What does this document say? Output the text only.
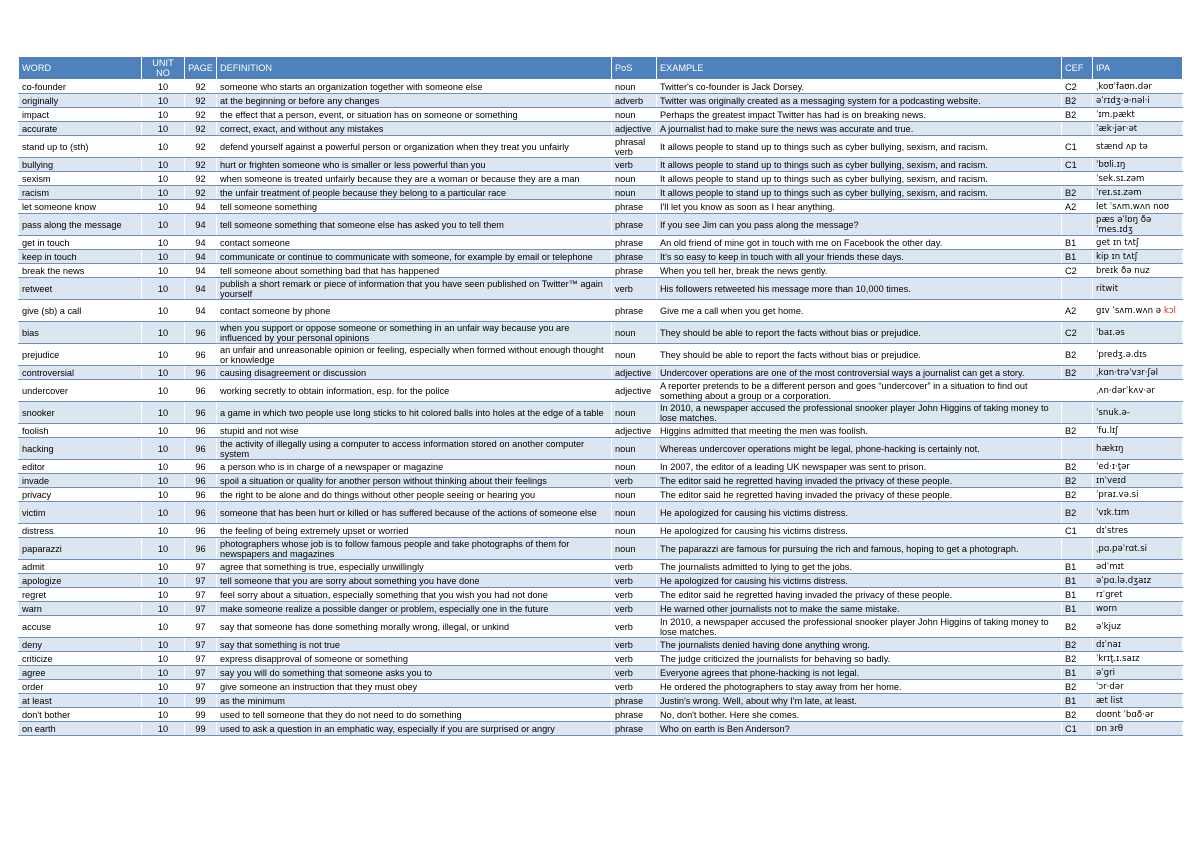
WORD	UNIT NO	PAGE	DEFINITION	PoS	EXAMPLE	CEF	IPA
co-founder	10	92	someone who starts an organization together with someone else	noun	Twitter's co-founder is Jack Dorsey.	C2	ˌkoʊˈfaʊn.dər
originally	10	92	at the beginning or before any changes	adverb	Twitter was originally created as a messaging system for a podcasting website.	B2	əˈrɪdʒ·ə·nəl·i
impact	10	92	the effect that a person, event, or situation has on someone or something	noun	Perhaps the greatest impact Twitter has had is on breaking news.	B2	ˈɪm.pækt
accurate	10	92	correct, exact, and without any mistakes	adjective	A journalist had to make sure the news was accurate and true.		ˈæk·jər·ət
stand up to (sth)	10	92	defend yourself against a powerful person or organization when they treat you unfairly	phrasal verb	It allows people to stand up to things such as cyber bullying, sexism, and racism.	C1	stænd ʌp tə
bullying	10	92	hurt or frighten someone who is smaller or less powerful than you	verb	It allows people to stand up to things such as cyber bullying, sexism, and racism.	C1	ˈbʊli.ɪŋ
sexism	10	92	when someone is treated unfairly because they are a woman or because they are a man	noun	It allows people to stand up to things such as cyber bullying, sexism, and racism.		ˈsek.sɪ.zəm
racism	10	92	the unfair treatment of people because they belong to a particular race	noun	It allows people to stand up to things such as cyber bullying, sexism, and racism.	B2	ˈreɪ.sɪ.zəm
let someone know	10	94	tell someone something	phrase	I'll let you know as soon as I hear anything.	A2	let ˈsʌm.wʌn noʊ
pass along the message	10	94	tell someone something that someone else has asked you to tell them	phrase	If you see Jim can you pass along the message?		pæs əˈlɒŋ ðə ˈmes.ɪdʒ
get in touch	10	94	contact someone	phrase	An old friend of mine got in touch with me on Facebook the other day.	B1	get ɪn tʌtʃ
keep in touch	10	94	communicate or continue to communicate with someone, for example by email or telephone	phrase	It's so easy to keep in touch with all your friends these days.	B1	kip ɪn tʌtʃ
break the news	10	94	tell someone about something bad that has happened	phrase	When you tell her, break the news gently.	C2	breɪk ðə nuz
retweet	10	94	publish a short remark or piece of information that you have seen published on Twitter™ again yourself	verb	His followers retweeted his message more than 10,000 times.		ritwit
give (sb) a call	10	94	contact someone by phone	phrase	Give me a call when you get home.	A2	gɪv ˈsʌm.wʌn ə kɔl
bias	10	96	when you support or oppose someone or something in an unfair way because you are influenced by your personal opinions	noun	They should be able to report the facts without bias or prejudice.	C2	ˈbaɪ.əs
prejudice	10	96	an unfair and unreasonable opinion or feeling, especially when formed without enough thought or knowledge	noun	They should be able to report the facts without bias or prejudice.	B2	ˈpredʒ.ə.dɪs
controversial	10	96	causing disagreement or discussion	adjective	Undercover operations are one of the most controversial ways a journalist can get a story.	B2	ˌkɑn·trəˈvɜr·ʃəl
undercover	10	96	working secretly to obtain information, esp. for the police	adjective	A reporter pretends to be a different person and goes “undercover” in a situation to find out something about a group or a corporation.		ˌʌn·dərˈkʌv·ər
snooker	10	96	a game in which two people use long sticks to hit colored balls into holes at the edge of a table	noun	In 2010, a newspaper accused the professional snooker player John Higgins of taking money to lose matches.		ˈsnuk.ə-
foolish	10	96	stupid and not wise	adjective	Higgins admitted that meeting the men was foolish.	B2	ˈfu.lɪʃ
hacking	10	96	the activity of illegally using a computer to access information stored on another computer system	noun	Whereas undercover operations might be legal, phone-hacking is certainly not.		hækɪŋ
editor	10	96	a person who is in charge of a newspaper or magazine	noun	In 2007, the editor of a leading UK newspaper was sent to prison.	B2	ˈed·ɪ·t̬ər
invade	10	96	spoil a situation or quality for another person without thinking about their feelings	verb	The editor said he regretted having invaded the privacy of these people.	B2	ɪnˈveɪd
privacy	10	96	the right to be alone and do things without other people seeing or hearing you	noun	The editor said he regretted having invaded the privacy of these people.	B2	ˈpraɪ.və.si
victim	10	96	someone that has been hurt or killed or has suffered because of the actions of someone else	noun	He apologized for causing his victims distress.	B2	ˈvɪk.tɪm
distress	10	96	the feeling of being extremely upset or worried	noun	He apologized for causing his victims distress.	C1	dɪˈstres
paparazzi	10	96	photographers whose job is to follow famous people and take photographs of them for newspapers and magazines	noun	The paparazzi are famous for pursuing the rich and famous, hoping to get a photograph.		ˌpɑ.pəˈrɑt.si
admit	10	97	agree that something is true, especially unwillingly	verb	The journalists admitted to lying to get the jobs.	B1	ədˈmɪt
apologize	10	97	tell someone that you are sorry about something you have done	verb	He apologized for causing his victims distress.	B1	əˈpɑ.lə.dʒaɪz
regret	10	97	feel sorry about a situation, especially something that you wish you had not done	verb	The editor said he regretted having invaded the privacy of these people.	B1	rɪˈgret
warn	10	97	make someone realize a possible danger or problem, especially one in the future	verb	He warned other journalists not to make the same mistake.	B1	worn
accuse	10	97	say that someone has done something morally wrong, illegal, or unkind	verb	In 2010, a newspaper accused the professional snooker player John Higgins of taking money to lose matches.	B2	əˈkjuz
deny	10	97	say that something is not true	verb	The journalists denied having done anything wrong.	B2	dɪˈnaɪ
criticize	10	97	express disapproval of someone or something	verb	The judge criticized the journalists for behaving so badly.	B2	ˈkrɪt̬.ɪ.saɪz
agree	10	97	say you will do something that someone asks you to	verb	Everyone agrees that phone-hacking is not legal.	B1	əˈgri
order	10	97	give someone an instruction that they must obey	verb	He ordered the photographers to stay away from her home.	B2	ˈɔr·dər
at least	10	99	as the minimum	phrase	Justin's wrong. Well, about why I'm late, at least.	B1	æt list
don't bother	10	99	used to tell someone that they do not need to do something	phrase	No, don't bother. Here she comes.	B2	doʊnt ˈbɑð·ər
on earth	10	99	used to ask a question in an emphatic way, especially if you are surprised or angry	phrase	Who on earth is Ben Anderson?	C1	ɒn ɜrθ
